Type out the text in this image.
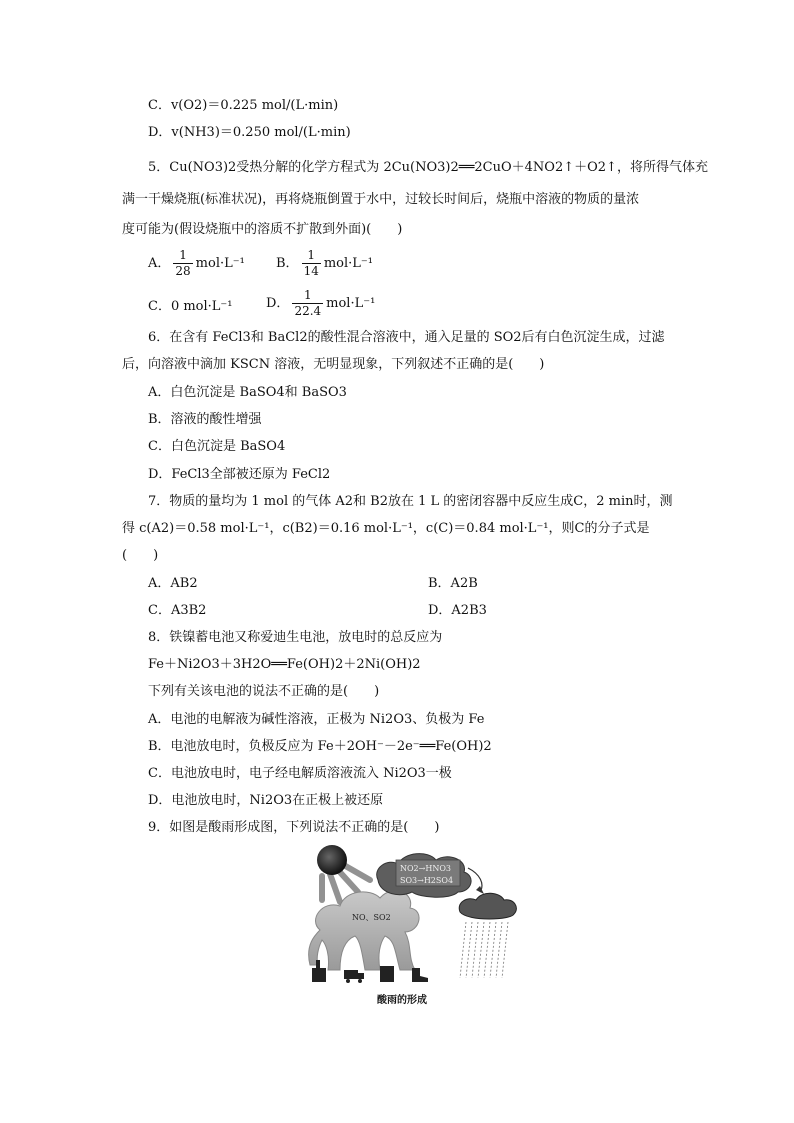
C．v(O2)＝0.225 mol/(L·min)
D．v(NH3)＝0.250 mol/(L·min)
5．Cu(NO3)2受热分解的化学方程式为 2Cu(NO3)2══2CuO＋4NO2↑＋O2↑，将所得气体充
满一干燥烧瓶(标准状况)，再将烧瓶倒置于水中，过较长时间后，烧瓶中溶液的物质的量浓
度可能为(假设烧瓶中的溶质不扩散到外面)(　　)
A． $\frac{1}{28} mol\cdot L^{-1}$ B． $\frac{1}{14} mol\cdot L^{-1}$
C．0 mol·L⁻¹	D． $\frac{1}{22.4} mol\cdot L^{-1}$
6．在含有 FeCl3和 BaCl2的酸性混合溶液中，通入足量的 SO2后有白色沉淀生成，过滤
后，向溶液中滴加 KSCN 溶液，无明显现象，下列叙述不正确的是(　　)
A．白色沉淀是 BaSO4和 BaSO3
B．溶液的酸性增强
C．白色沉淀是 BaSO4
D．FeCl3全部被还原为 FeCl2
7．物质的量均为 1 mol 的气体 A2和 B2放在 1 L 的密闭容器中反应生成C，2 min时，测
得 c(A2)＝0.58 mol·L⁻¹，c(B2)＝0.16 mol·L⁻¹，c(C)＝0.84 mol·L⁻¹，则C的分子式是
(　　)
A．AB2	B．A2B
C．A3B2	D．A2B3
8．铁镍蓄电池又称爱迪生电池，放电时的总反应为
Fe＋Ni2O3＋3H2O══Fe(OH)2＋2Ni(OH)2
下列有关该电池的说法不正确的是(　　)
A．电池的电解液为碱性溶液，正极为 Ni2O3、负极为 Fe
B．电池放电时，负极反应为 Fe＋2OH⁻－2e⁻══Fe(OH)2
C．电池放电时，电子经电解质溶液流入 Ni2O3一极
D．电池放电时，Ni2O3在正极上被还原
9．如图是酸雨形成图，下列说法不正确的是(　　)
NO2→HNO3
SO3→H2SO4
NO、SO2
酸雨的形成
